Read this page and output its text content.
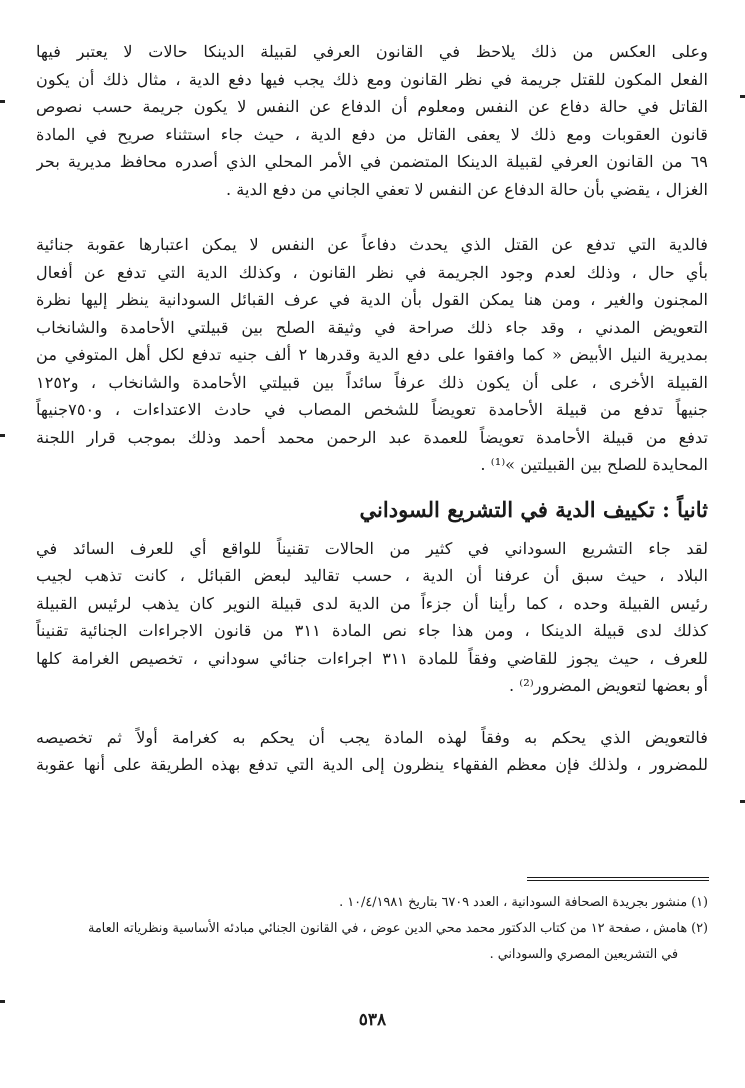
وعلى العكس من ذلك يلاحظ في القانون العرفي لقبيلة الدينكا حالات لا يعتبر فيها
الفعل المكون للقتل جريمة في نظر القانون ومع ذلك يجب فيها دفع الدية ، مثال ذلك أن يكون
القاتل في حالة دفاع عن النفس ومعلوم أن الدفاع عن النفس لا يكون جريمة حسب نصوص
قانون العقوبات ومع ذلك لا يعفى القاتل من دفع الدية ، حيث جاء استثناء صريح في المادة
٦٩ من القانون العرفي لقبيلة الدينكا المتضمن في الأمر المحلي الذي أصدره محافظ مديرية بحر
الغزال ، يقضي بأن حالة الدفاع عن النفس لا تعفي الجاني من دفع الدية .

فالدية التي تدفع عن القتل الذي يحدث دفاعاً عن النفس لا يمكن اعتبارها عقوبة جنائية
بأي حال ، وذلك لعدم وجود الجريمة في نظر القانون ، وكذلك الدية التي تدفع عن أفعال
المجنون والغير ، ومن هنا يمكن القول بأن الدية في عرف القبائل السودانية ينظر إليها نظرة
التعويض المدني ، وقد جاء ذلك صراحة في وثيقة الصلح بين قبيلتي الأحامدة والشانخاب
بمديرية النيل الأبيض « كما وافقوا على دفع الدية وقدرها ٢ ألف جنيه تدفع لكل أهل المتوفي من
القبيلة الأخرى ، على أن يكون ذلك عرفاً سائداً بين قبيلتي الأحامدة والشانخاب ، و١٢٥٢
جنيهاً تدفع من قبيلة الأحامدة تعويضاً للشخص المصاب في حادث الاعتداءات ، و٧٥٠جنيهاً
تدفع من قبيلة الأحامدة تعويضاً للعمدة عبد الرحمن محمد أحمد وذلك بموجب قرار اللجنة
المحايدة للصلح بين القبيلتين »⁽¹⁾ .

ثانياً : تكييف الدية في التشريع السوداني

لقد جاء التشريع السوداني في كثير من الحالات تقنيناً للواقع أي للعرف السائد في
البلاد ، حيث سبق أن عرفنا أن الدية ، حسب تقاليد لبعض القبائل ، كانت تذهب لجيب
رئيس القبيلة وحده ، كما رأينا أن جزءاً من الدية لدى قبيلة النوير كان يذهب لرئيس القبيلة
كذلك لدى قبيلة الدينكا ، ومن هذا جاء نص المادة ٣١١ من قانون الاجراءات الجنائية تقنيناً
للعرف ، حيث يجوز للقاضي وفقاً للمادة ٣١١ اجراءات جنائي سوداني ، تخصيص الغرامة كلها
أو بعضها لتعويض المضرور⁽²⁾ .

فالتعويض الذي يحكم به وفقاً لهذه المادة يجب أن يحكم به كغرامة أولاً ثم تخصيصه
للمضرور ، ولذلك فإن معظم الفقهاء ينظرون إلى الدية التي تدفع بهذه الطريقة على أنها عقوبة

(١) منشور بجريدة الصحافة السودانية ، العدد ٦٧٠٩ بتاريخ ١٠/٤/١٩٨١ .
(٢) هامش ، صفحة ١٢ من كتاب الدكتور محمد محي الدين عوض ، في القانون الجنائي مبادئه الأساسية ونظرياته العامة
في التشريعين المصري والسوداني .
٥٣٨
